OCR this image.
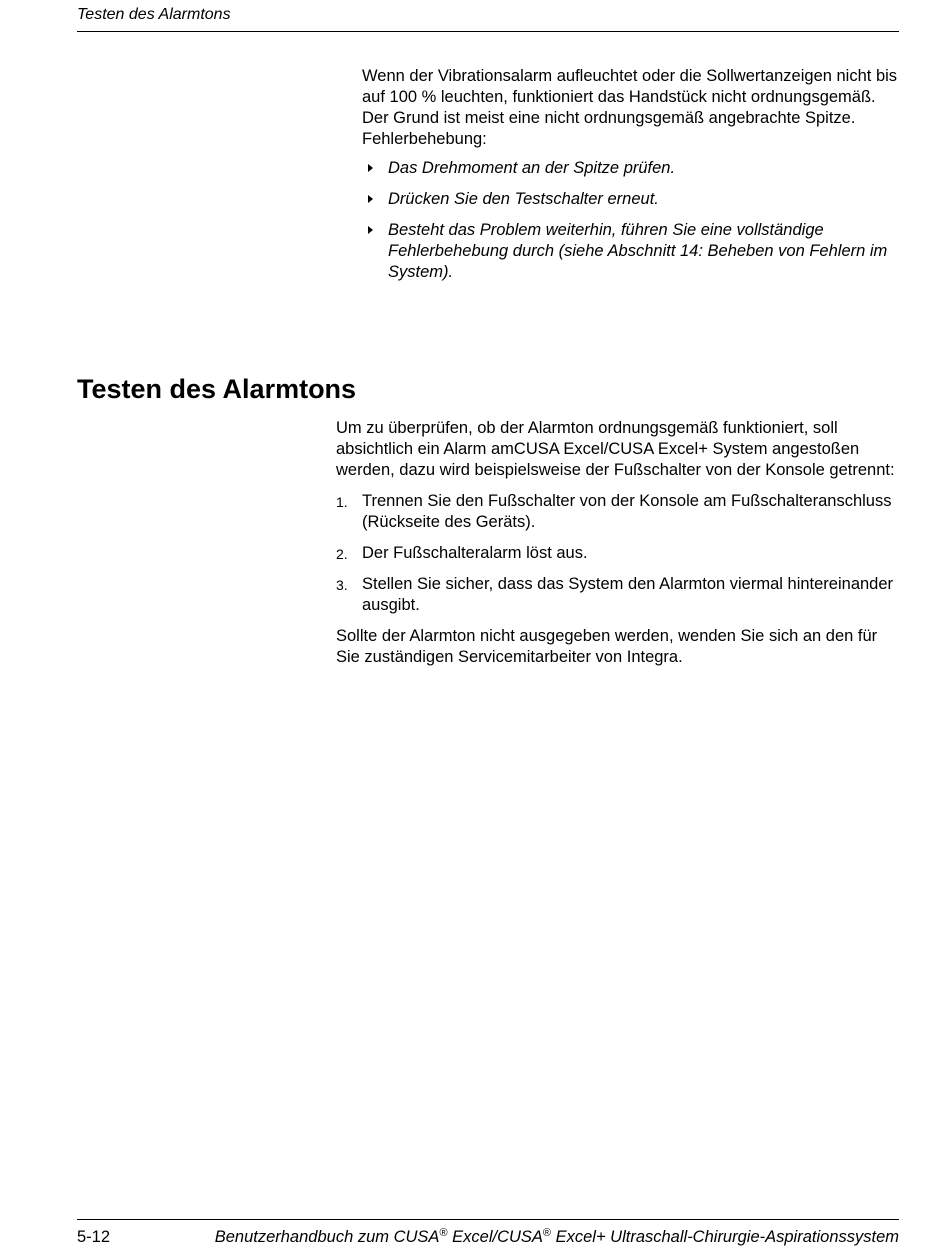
Testen des Alarmtons

Wenn der Vibrationsalarm aufleuchtet oder die Sollwertanzeigen nicht bis auf 100 % leuchten, funktioniert das Handstück nicht ordnungsgemäß. Der Grund ist meist eine nicht ordnungsgemäß angebrachte Spitze. Fehlerbehebung:

Das Drehmoment an der Spitze prüfen.
Drücken Sie den Testschalter erneut.
Besteht das Problem weiterhin, führen Sie eine vollständige Fehlerbehebung durch (siehe Abschnitt 14: Beheben von Fehlern im System).
Testen des Alarmtons

Um zu überprüfen, ob der Alarmton ordnungsgemäß funktioniert, soll absichtlich ein Alarm amCUSA Excel/CUSA Excel+ System angestoßen werden, dazu wird beispielsweise der Fußschalter von der Konsole getrennt:

1. Trennen Sie den Fußschalter von der Konsole am Fußschalteranschluss (Rückseite des Geräts).
2. Der Fußschalteralarm löst aus.
3. Stellen Sie sicher, dass das System den Alarmton viermal hintereinander ausgibt.

Sollte der Alarmton nicht ausgegeben werden, wenden Sie sich an den für Sie zuständigen Servicemitarbeiter von Integra.

5-12	Benutzerhandbuch zum CUSA® Excel/CUSA® Excel+ Ultraschall-Chirurgie-Aspirationssystem
